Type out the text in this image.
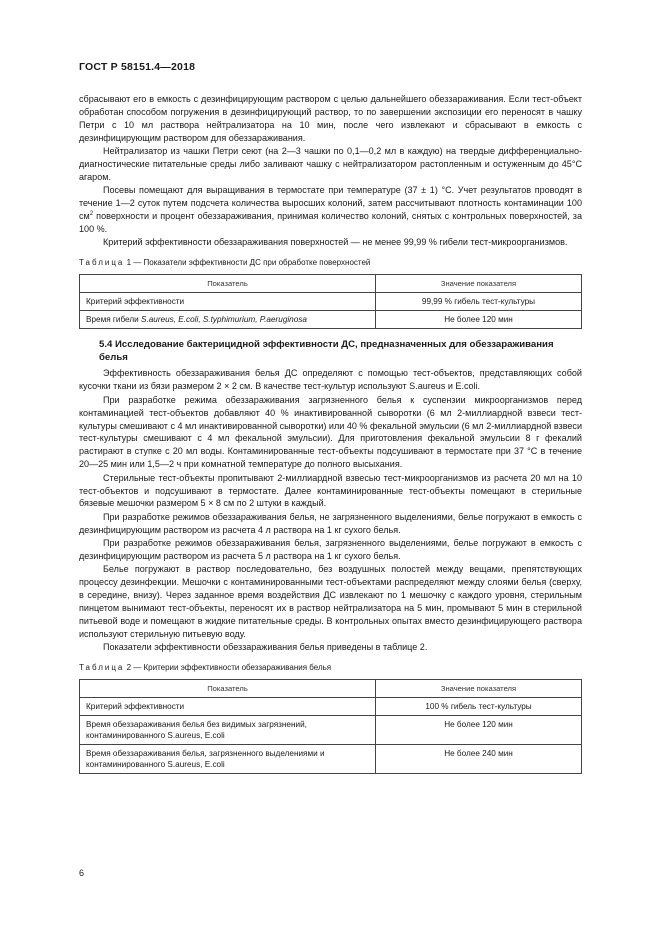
ГОСТ Р 58151.4—2018

сбрасывают его в емкость с дезинфицирующим раствором с целью дальнейшего обеззараживания. Если тест-объект обработан способом погружения в дезинфицирующий раствор, то по завершении экспозиции его переносят в чашку Петри с 10 мл раствора нейтрализатора на 10 мин, после чего извлекают и сбрасывают в емкость с дезинфицирующим раствором для обеззараживания.

Нейтрализатор из чашки Петри сеют (на 2—3 чашки по 0,1—0,2 мл в каждую) на твердые дифференциально-диагностические питательные среды либо заливают чашку с нейтрализатором растопленным и остуженным до 45°С агаром.

Посевы помещают для выращивания в термостате при температуре (37 ± 1) °С. Учет результатов проводят в течение 1—2 суток путем подсчета количества выросших колоний, затем рассчитывают плотность контаминации 100 $см^2$ поверхности и процент обеззараживания, принимая количество колоний, снятых с контрольных поверхностей, за 100 %.

Критерий эффективности обеззараживания поверхностей — не менее 99,99 % гибели тест-микроорганизмов.

Таблица 1 — Показатели эффективности ДС при обработке поверхностей

Показатель	Значение показателя
Критерий эффективности	99,99 % гибель тест-культуры
Время гибели S.aureus, E.coli, S.typhimurium, P.aeruginosa	Не более 120 мин

5.4 Исследование бактерицидной эффективности ДС, предназначенных для обеззараживания белья

Эффективность обеззараживания белья ДС определяют с помощью тест-объектов, представляющих собой кусочки ткани из бязи размером 2 × 2 см. В качестве тест-культур используют S.aureus и E.coli.

При разработке режима обеззараживания загрязненного белья к суспензии микроорганизмов перед контаминацией тест-объектов добавляют 40 % инактивированной сыворотки (6 мл 2-миллиардной взвеси тест-культуры смешивают с 4 мл инактивированной сыворотки) или 40 % фекальной эмульсии (6 мл 2-миллиардной взвеси тест-культуры смешивают с 4 мл фекальной эмульсии). Для приготовления фекальной эмульсии 8 г фекалий растирают в ступке с 20 мл воды. Контаминированные тест-объекты подсушивают в термостате при 37 °С в течение 20—25 мин или 1,5—2 ч при комнатной температуре до полного высыхания.

Стерильные тест-объекты пропитывают 2-миллиардной взвесью тест-микроорганизмов из расчета 20 мл на 10 тест-объектов и подсушивают в термостате. Далее контаминированные тест-объекты помещают в стерильные бязевые мешочки размером 5 × 8 см по 2 штуки в каждый.

При разработке режимов обеззараживания белья, не загрязненного выделениями, белье погружают в емкость с дезинфицирующим раствором из расчета 4 л раствора на 1 кг сухого белья.

При разработке режимов обеззараживания белья, загрязненного выделениями, белье погружают в емкость с дезинфицирующим раствором из расчета 5 л раствора на 1 кг сухого белья.

Белье погружают в раствор последовательно, без воздушных полостей между вещами, препятствующих процессу дезинфекции. Мешочки с контаминированными тест-объектами распределяют между слоями белья (сверху, в середине, внизу). Через заданное время воздействия ДС извлекают по 1 мешочку с каждого уровня, стерильным пинцетом вынимают тест-объекты, переносят их в раствор нейтрализатора на 5 мин, промывают 5 мин в стерильной питьевой воде и помещают в жидкие питательные среды. В контрольных опытах вместо дезинфицирующего раствора используют стерильную питьевую воду.

Показатели эффективности обеззараживания белья приведены в таблице 2.

Таблица 2 — Критерии эффективности обеззараживания белья

Показатель	Значение показателя
Критерий эффективности	100 % гибель тест-культуры
Время обеззараживания белья без видимых загрязнений, контаминированного S.aureus, E.coli	Не более 120 мин
Время обеззараживания белья, загрязненного выделениями и контаминированного S.aureus, E.coli	Не более 240 мин
6
